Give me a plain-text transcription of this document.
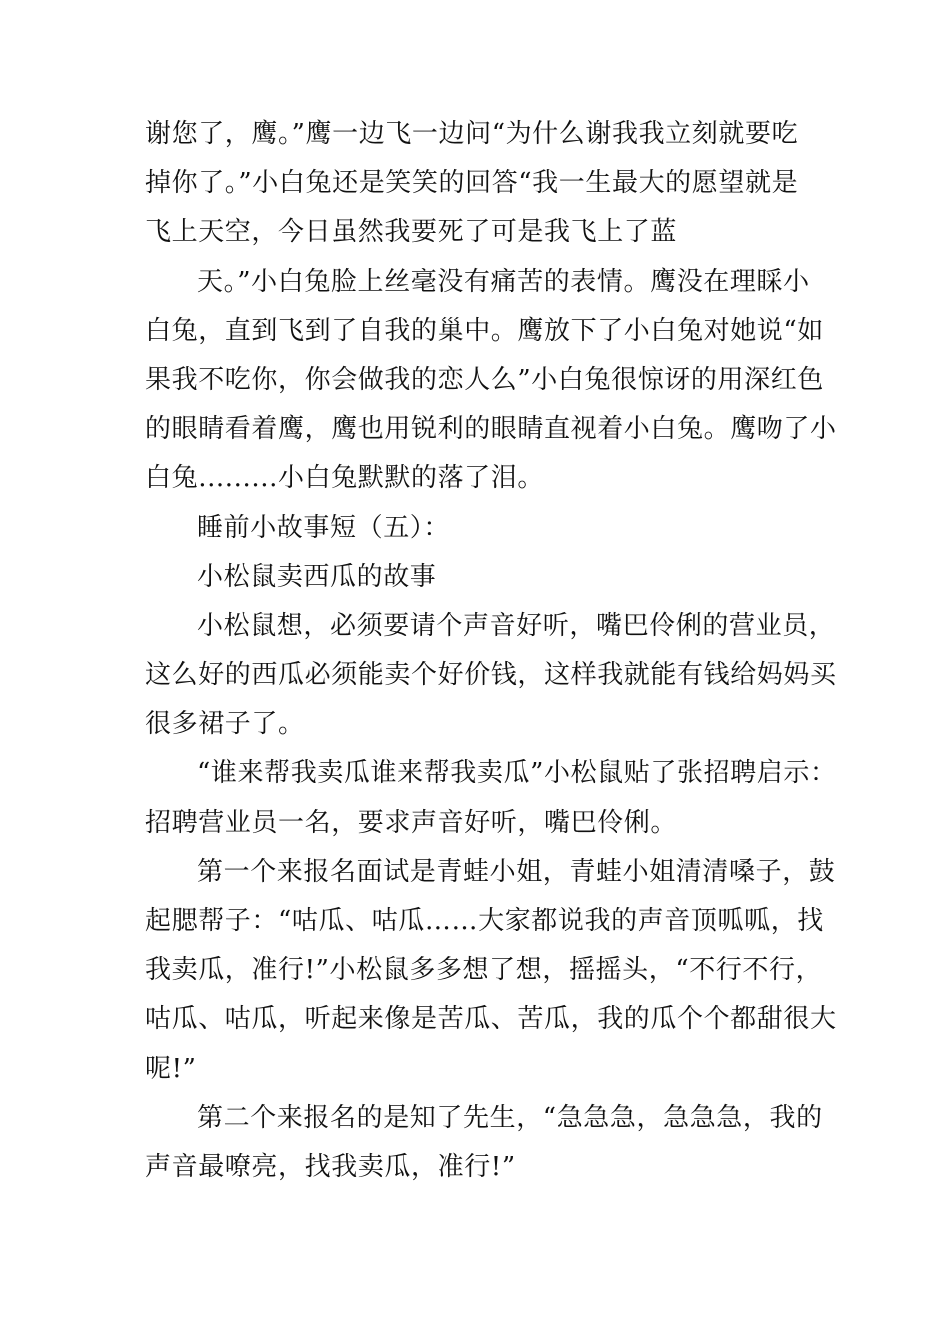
谢您了，鹰。”鹰一边飞一边问“为什么谢我我立刻就要吃
掉你了。”小白兔还是笑笑的回答“我一生最大的愿望就是
飞上天空，今日虽然我要死了可是我飞上了蓝
天。”小白兔脸上丝毫没有痛苦的表情。鹰没在理睬小
白兔，直到飞到了自我的巢中。鹰放下了小白兔对她说“如
果我不吃你，你会做我的恋人么”小白兔很惊讶的用深红色
的眼睛看着鹰，鹰也用锐利的眼睛直视着小白兔。鹰吻了小
白兔.........小白兔默默的落了泪。
睡前小故事短（五）：
小松鼠卖西瓜的故事
小松鼠想，必须要请个声音好听，嘴巴伶俐的营业员，
这么好的西瓜必须能卖个好价钱，这样我就能有钱给妈妈买
很多裙子了。
“谁来帮我卖瓜谁来帮我卖瓜”小松鼠贴了张招聘启示：
招聘营业员一名，要求声音好听，嘴巴伶俐。
第一个来报名面试是青蛙小姐，青蛙小姐清清嗓子，鼓
起腮帮子：“咕瓜、咕瓜……大家都说我的声音顶呱呱，找
我卖瓜，准行!”小松鼠多多想了想，摇摇头，“不行不行，
咕瓜、咕瓜，听起来像是苦瓜、苦瓜，我的瓜个个都甜很大
呢!”
第二个来报名的是知了先生，“急急急，急急急，我的
声音最嘹亮，找我卖瓜，准行!”
